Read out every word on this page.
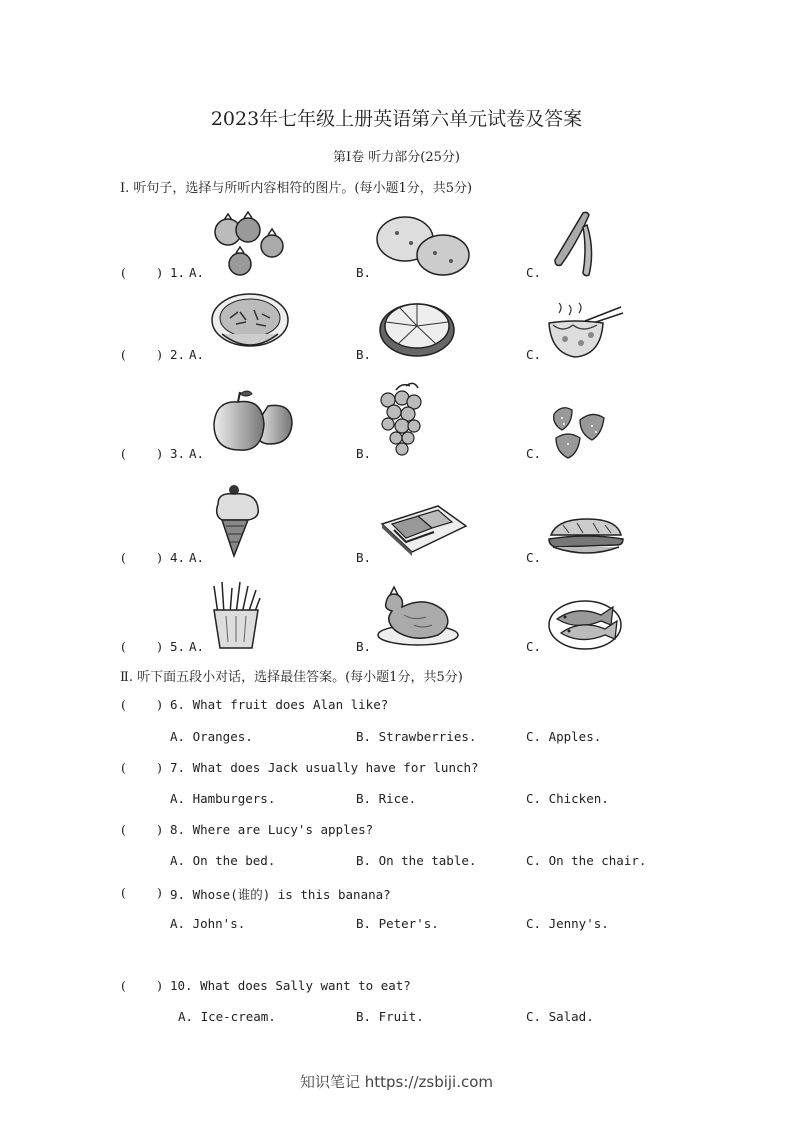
2023年七年级上册英语第六单元试卷及答案
第Ⅰ卷 听力部分(25分)
Ⅰ. 听句子，选择与所听内容相符的图片。(每小题1分，共5分)
( ) 1. A.	B.	C.
( ) 2. A.	B.	C.
( ) 3. A.	B.	C.
( ) 4. A.	B.	C.
( ) 5. A.	B.	C.
Ⅱ. 听下面五段小对话，选择最佳答案。(每小题1分，共5分)
( ) 6. What fruit does Alan like?
A. Oranges.	B. Strawberries.	C. Apples.
( ) 7. What does Jack usually have for lunch?
A. Hamburgers.	B. Rice.	C. Chicken.
( ) 8. Where are Lucy's apples?
A. On the bed.	B. On the table.	C. On the chair.
( ) 9. Whose(谁的) is this banana?
A. John's.	B. Peter's.	C. Jenny's.
( ) 10. What does Sally want to eat?
A. Ice-cream.	B. Fruit.	C. Salad.
知识笔记 https://zsbiji.com
